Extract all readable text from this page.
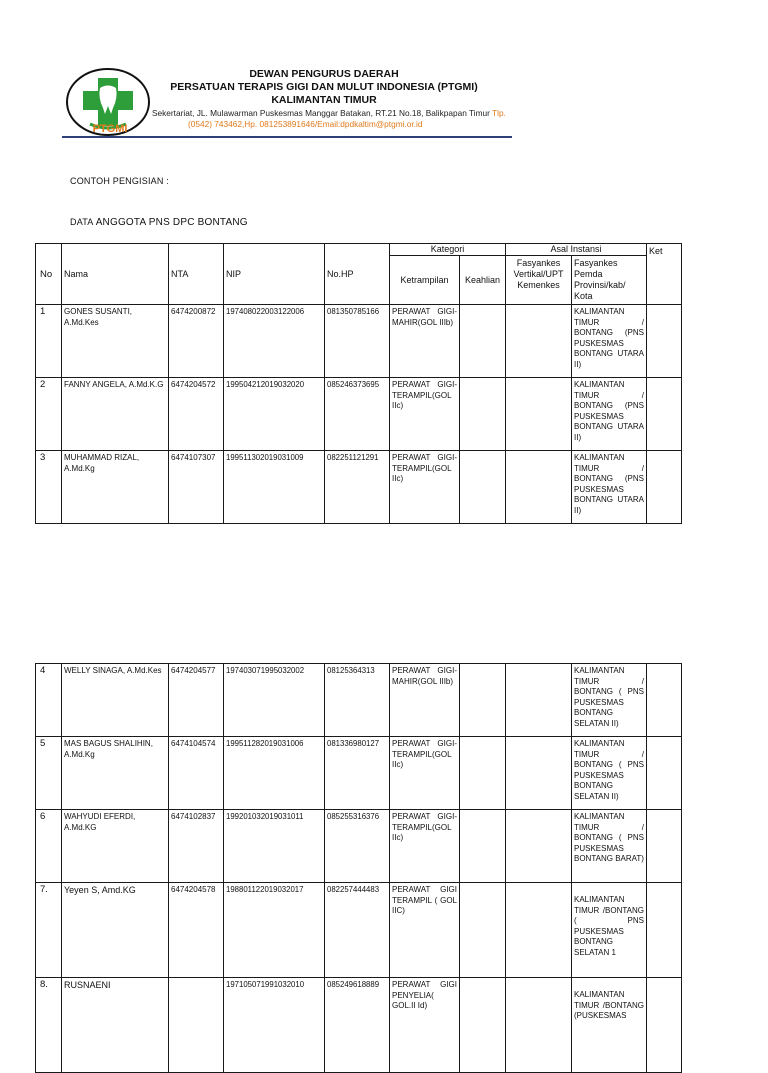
PTGMI
DEWAN PENGURUS DAERAH
PERSATUAN TERAPIS GIGI DAN MULUT INDONESIA (PTGMI)
KALIMANTAN TIMUR
Sekertariat, JL. Mulawarman Puskesmas Manggar Batakan, RT.21 No.18, Balikpapan Timur Tlp.
(0542) 743462,Hp. 081253891646/Email:dpdkaltim@ptgmi.or.id
CONTOH PENGISIAN :
DATA ANGGOTA PNS DPC BONTANG
No	Nama	NTA	NIP	No.HP	Kategori		Asal Instansi		Ket
					Ketrampilan	Keahlian	Fasyankes Vertikal/UPT Kemenkes	Fasyankes Pemda Provinsi/kab/ Kota	
1	GONES SUSANTI, A.Md.Kes	6474200872	197408022003122006	081350785166	PERAWAT GIGI-MAHIR(GOL IIIb)			KALIMANTAN TIMUR / BONTANG (PNS PUSKESMAS BONTANG UTARA II)	
2	FANNY ANGELA, A.Md.K.G	6474204572	199504212019032020	085246373695	PERAWAT GIGI-TERAMPIL(GOL IIc)			KALIMANTAN TIMUR / BONTANG (PNS PUSKESMAS BONTANG UTARA II)	
3	MUHAMMAD RIZAL, A.Md.Kg	6474107307	199511302019031009	082251121291	PERAWAT GIGI-TERAMPIL(GOL IIc)			KALIMANTAN TIMUR / BONTANG (PNS PUSKESMAS BONTANG UTARA II)	
4	WELLY SINAGA, A.Md.Kes	6474204577	197403071995032002	08125364313	PERAWAT GIGI-MAHIR(GOL IIIb)			KALIMANTAN TIMUR / BONTANG ( PNS PUSKESMAS BONTANG SELATAN II)	
5	MAS BAGUS SHALIHIN, A.Md.Kg	6474104574	199511282019031006	081336980127	PERAWAT GIGI-TERAMPIL(GOL IIc)			KALIMANTAN TIMUR / BONTANG ( PNS PUSKESMAS BONTANG SELATAN II)	
6	WAHYUDI EFERDI, A.Md.KG	6474102837	199201032019031011	085255316376	PERAWAT GIGI-TERAMPIL(GOL IIc)			KALIMANTAN TIMUR / BONTANG ( PNS PUSKESMAS BONTANG BARAT)	
7.	Yeyen S, Amd.KG	6474204578	198801122019032017	082257444483	PERAWAT GIGI TERAMPIL ( GOL IIC)			KALIMANTAN TIMUR /BONTANG ( PNS PUSKESMAS BONTANG SELATAN 1	
8.	RUSNAENI		197105071991032010	085249618889	PERAWAT GIGI PENYELIA( GOL.II Id)			KALIMANTAN TIMUR /BONTANG (PUSKESMAS	
